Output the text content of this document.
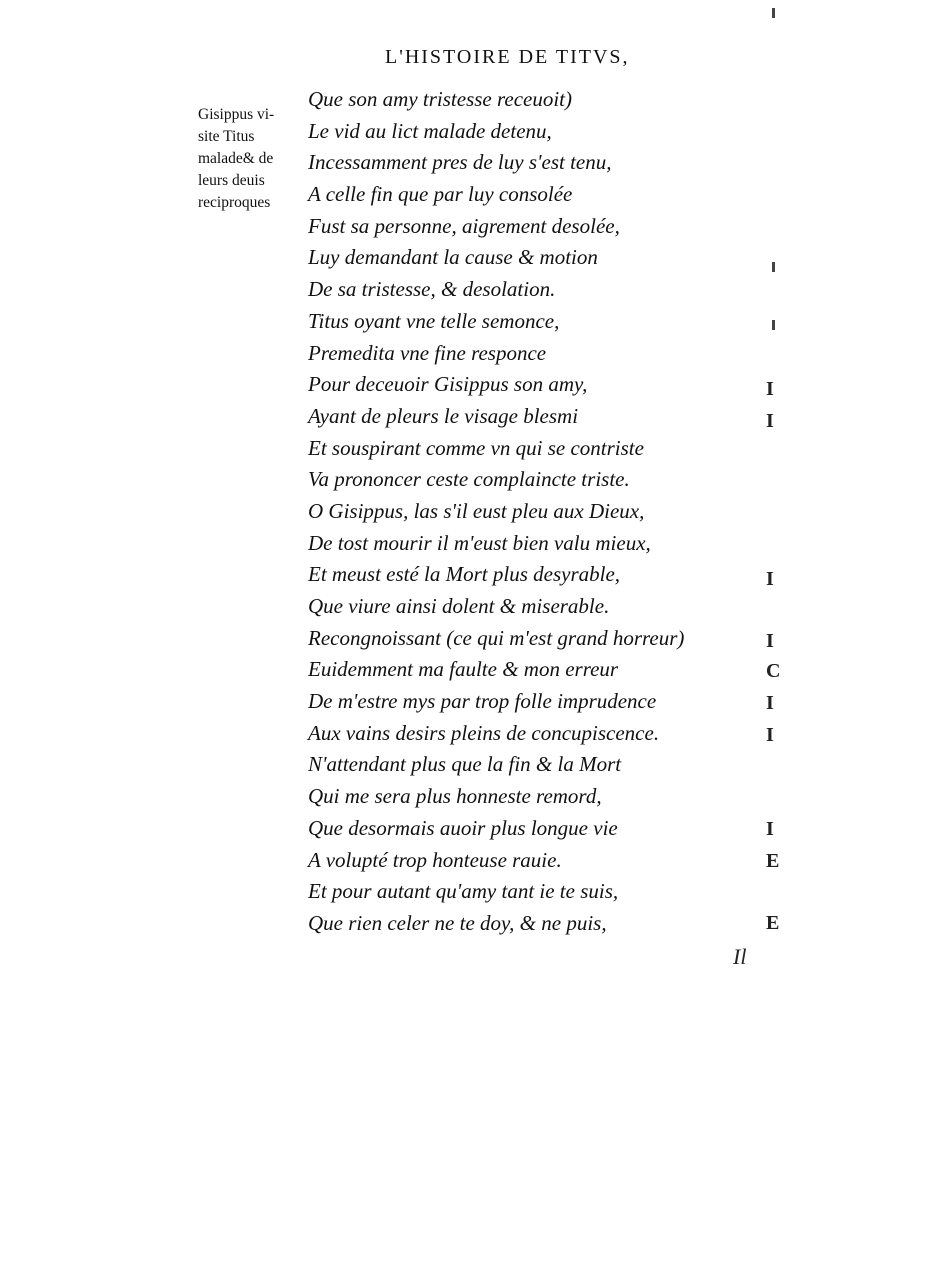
L'HISTOIRE DE TITVS,
Gisippus vi-
site Titus
malade& de
leurs deuis
reciproques
Que son amy tristesse receuoit)
Le vid au lict malade detenu,
Incessamment pres de luy s'est tenu,
A celle fin que par luy consolée
Fust sa personne, aigrement desolée,
Luy demandant la cause & motion
De sa tristesse, & desolation.
Titus oyant vne telle semonce,
Premedita vne fine responce
Pour deceuoir Gisippus son amy,
Ayant de pleurs le visage blesmi
Et souspirant comme vn qui se contriste
Va prononcer ceste complaincte triste.
O Gisippus, las s'il eust pleu aux Dieux,
De tost mourir il m'eust bien valu mieux,
Et meust esté la Mort plus desyrable,
Que viure ainsi dolent & miserable.
Recongnoissant (ce qui m'est grand horreur)
Euidemment ma faulte & mon erreur
De m'estre mys par trop folle imprudence
Aux vains desirs pleins de concupiscence.
N'attendant plus que la fin & la Mort
Qui me sera plus honneste remord,
Que desormais auoir plus longue vie
A volupté trop honteuse rauie.
Et pour autant qu'amy tant ie te suis,
Que rien celer ne te doy, & ne puis,
Il
I
I
I
I
C
I
I
I
E
E
